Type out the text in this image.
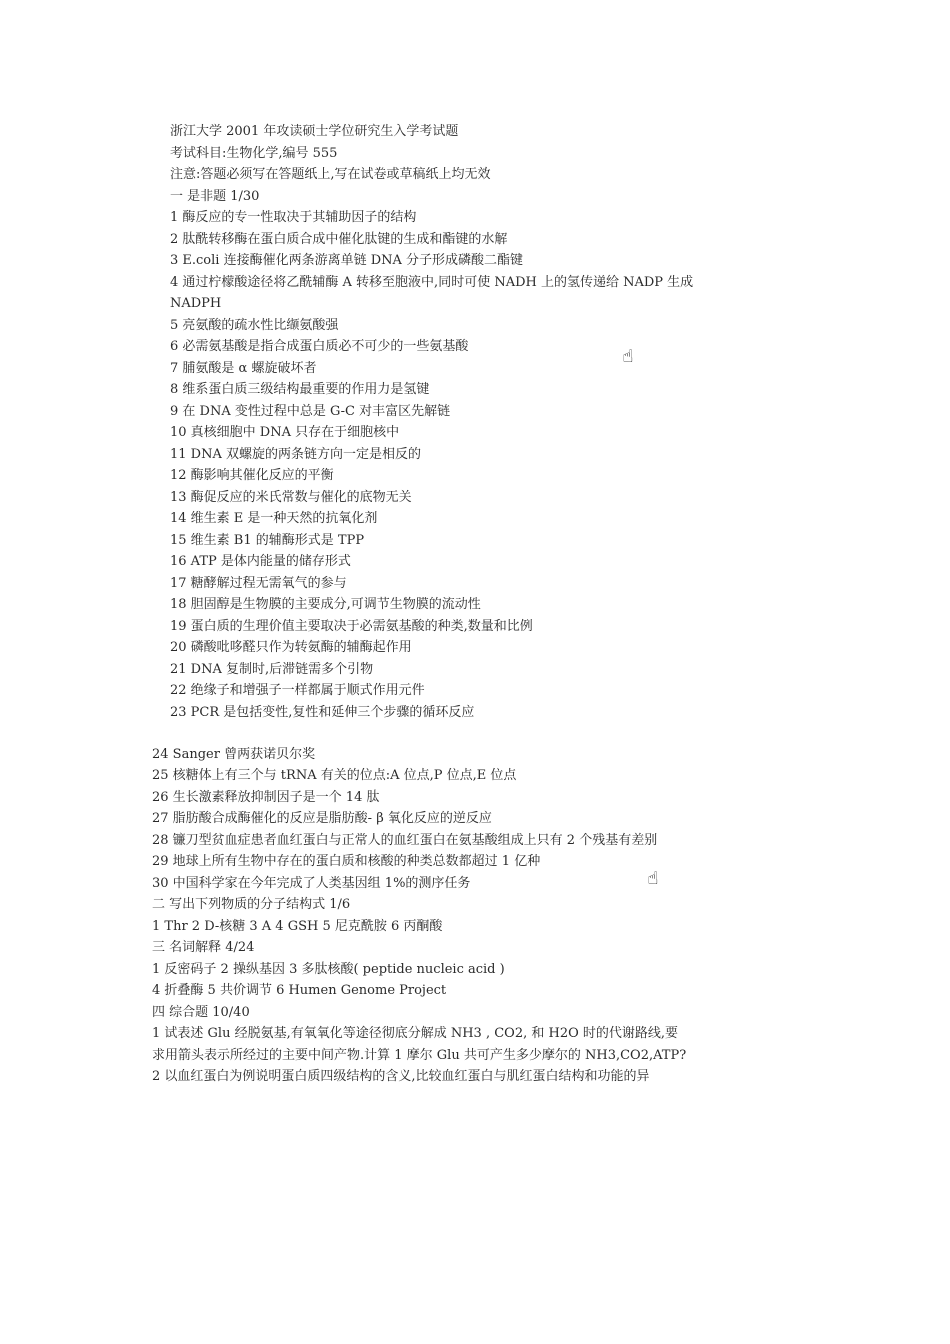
浙江大学 2001 年攻读硕士学位研究生入学考试题
考试科目:生物化学,编号 555
注意:答题必须写在答题纸上,写在试卷或草稿纸上均无效
一 是非题 1/30
1 酶反应的专一性取决于其辅助因子的结构
2 肽酰转移酶在蛋白质合成中催化肽键的生成和酯键的水解
3 E.coli 连接酶催化两条游离单链 DNA 分子形成磷酸二酯键
4 通过柠檬酸途径将乙酰辅酶 A 转移至胞液中,同时可使 NADH 上的氢传递给 NADP 生成
NADPH
5 亮氨酸的疏水性比缬氨酸强
6 必需氨基酸是指合成蛋白质必不可少的一些氨基酸
7 脯氨酸是 α 螺旋破坏者
8 维系蛋白质三级结构最重要的作用力是氢键
9 在 DNA 变性过程中总是 G-C 对丰富区先解链
10 真核细胞中 DNA 只存在于细胞核中
11 DNA 双螺旋的两条链方向一定是相反的
12 酶影响其催化反应的平衡
13 酶促反应的米氏常数与催化的底物无关
14 维生素 E 是一种天然的抗氧化剂
15 维生素 B1 的辅酶形式是 TPP
16 ATP 是体内能量的储存形式
17 糖酵解过程无需氧气的参与
18 胆固醇是生物膜的主要成分,可调节生物膜的流动性
19 蛋白质的生理价值主要取决于必需氨基酸的种类,数量和比例
20 磷酸吡哆醛只作为转氨酶的辅酶起作用
21 DNA 复制时,后滞链需多个引物
22 绝缘子和增强子一样都属于顺式作用元件
23 PCR 是包括变性,复性和延伸三个步骤的循环反应
24 Sanger 曾两获诺贝尔奖
25 核糖体上有三个与 tRNA 有关的位点:A 位点,P 位点,E 位点
26 生长激素释放抑制因子是一个 14 肽
27 脂肪酸合成酶催化的反应是脂肪酸- β 氧化反应的逆反应
28 镰刀型贫血症患者血红蛋白与正常人的血红蛋白在氨基酸组成上只有 2 个残基有差别
29 地球上所有生物中存在的蛋白质和核酸的种类总数都超过 1 亿种
30 中国科学家在今年完成了人类基因组 1%的测序任务
二 写出下列物质的分子结构式 1/6
1 Thr 2 D-核糖 3 A 4 GSH 5 尼克酰胺 6 丙酮酸
三 名词解释 4/24
1 反密码子 2 操纵基因 3 多肽核酸( peptide nucleic acid )
4 折叠酶 5 共价调节 6 Humen Genome Project
四 综合题 10/40
1 试表述 Glu 经脱氨基,有氧氧化等途径彻底分解成 NH3 , CO2, 和 H2O 时的代谢路线,要
求用箭头表示所经过的主要中间产物.计算 1 摩尔 Glu 共可产生多少摩尔的 NH3,CO2,ATP?
2 以血红蛋白为例说明蛋白质四级结构的含义,比较血红蛋白与肌红蛋白结构和功能的异
☝
☝
